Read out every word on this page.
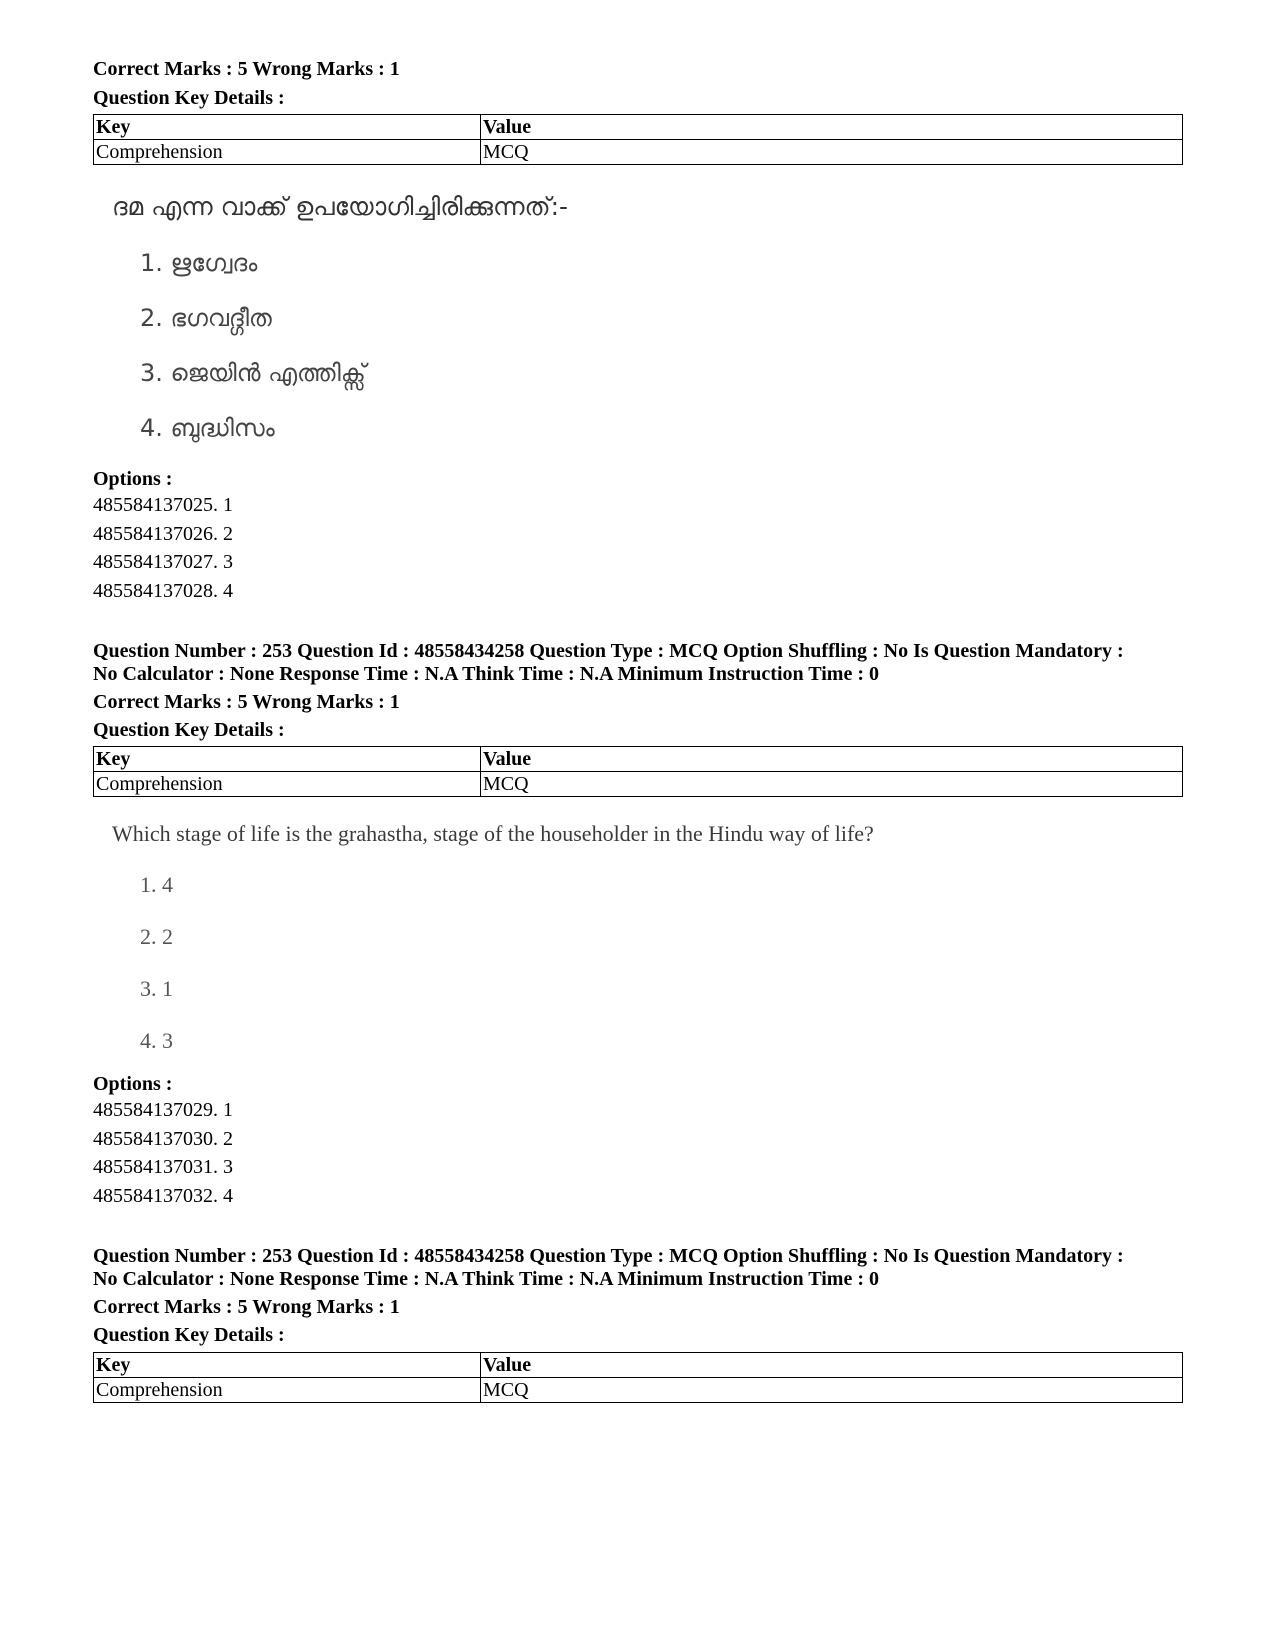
Correct Marks : 5 Wrong Marks : 1

Question Key Details :

Key	Value
Comprehension	MCQ
ദമ എന്ന വാക്ക് ഉപയോഗിച്ചിരിക്കുന്നത്:-
1. ഋഗ്വേദം
2. ഭഗവദ്ഗീത
3. ജെയിൻ എത്തിക്സ്
4. ബുദ്ധിസം

Options :

485584137025. 1
485584137026. 2
485584137027. 3
485584137028. 4

Question Number : 253 Question Id : 48558434258 Question Type : MCQ Option Shuffling : No Is Question Mandatory :

No Calculator : None Response Time : N.A Think Time : N.A Minimum Instruction Time : 0

Correct Marks : 5 Wrong Marks : 1

Question Key Details :

Key	Value
Comprehension	MCQ
Which stage of life is the grahastha, stage of the householder in the Hindu way of life?
1. 4
2. 2
3. 1
4. 3

Options :

485584137029. 1
485584137030. 2
485584137031. 3
485584137032. 4

Question Number : 253 Question Id : 48558434258 Question Type : MCQ Option Shuffling : No Is Question Mandatory :

No Calculator : None Response Time : N.A Think Time : N.A Minimum Instruction Time : 0

Correct Marks : 5 Wrong Marks : 1

Question Key Details :

Key	Value
Comprehension	MCQ
